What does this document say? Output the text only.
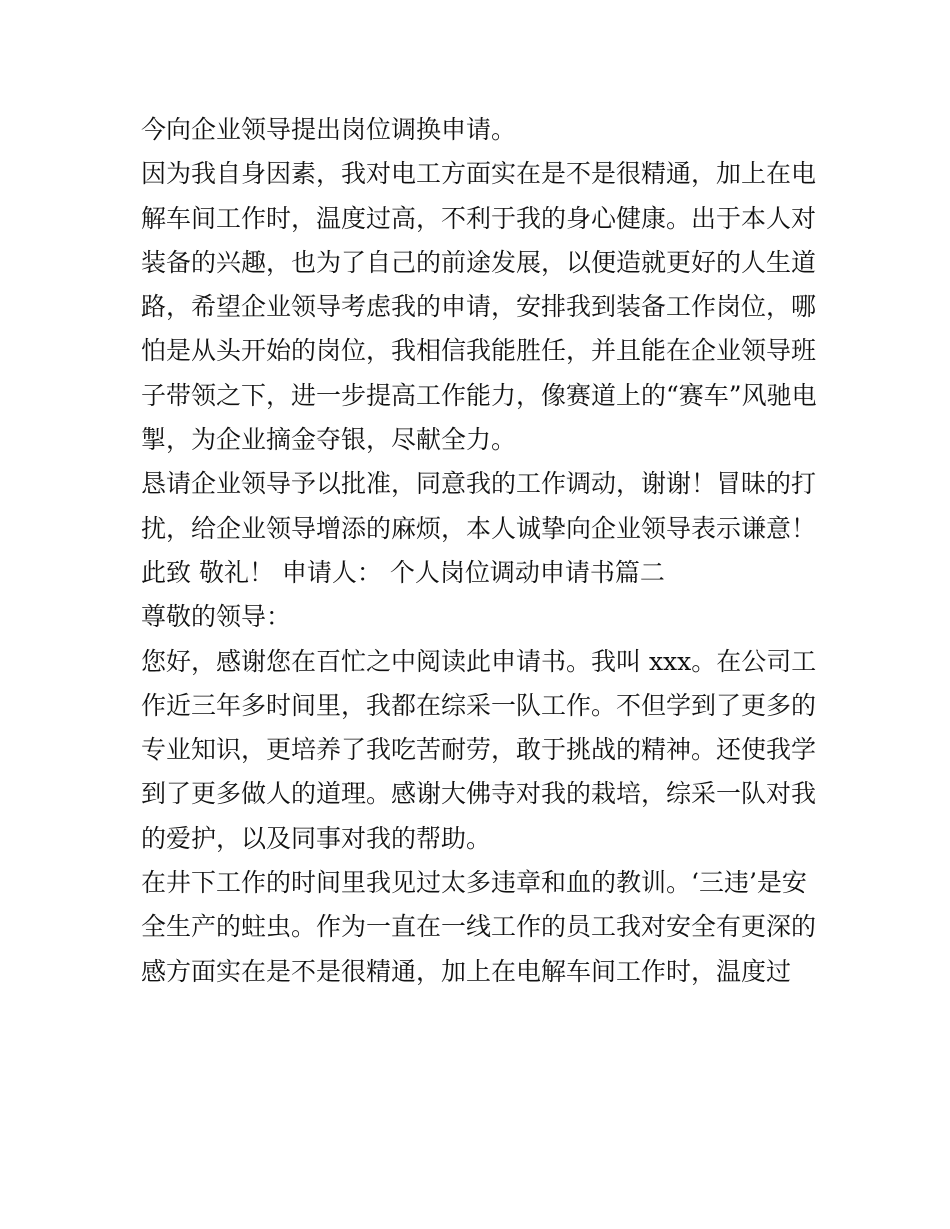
今向企业领导提出岗位调换申请。
因为我自身因素，我对电工方面实在是不是很精通，加上在电
解车间工作时，温度过高，不利于我的身心健康。出于本人对
装备的兴趣，也为了自己的前途发展，以便造就更好的人生道
路，希望企业领导考虑我的申请，安排我到装备工作岗位，哪
怕是从头开始的岗位，我相信我能胜任，并且能在企业领导班
子带领之下，进一步提高工作能力，像赛道上的“赛车”风驰电
掣，为企业摘金夺银，尽献全力。
恳请企业领导予以批准，同意我的工作调动，谢谢！冒昧的打
扰，给企业领导增添的麻烦，本人诚挚向企业领导表示谦意！
此致 敬礼！ 申请人： 个人岗位调动申请书篇二
尊敬的领导：
您好，感谢您在百忙之中阅读此申请书。我叫 xxx。在公司工
作近三年多时间里，我都在综采一队工作。不但学到了更多的
专业知识，更培养了我吃苦耐劳，敢于挑战的精神。还使我学
到了更多做人的道理。感谢大佛寺对我的栽培，综采一队对我
的爱护，以及同事对我的帮助。
在井下工作的时间里我见过太多违章和血的教训。‘三违’是安
全生产的蛀虫。作为一直在一线工作的员工我对安全有更深的
感方面实在是不是很精通，加上在电解车间工作时，温度过
